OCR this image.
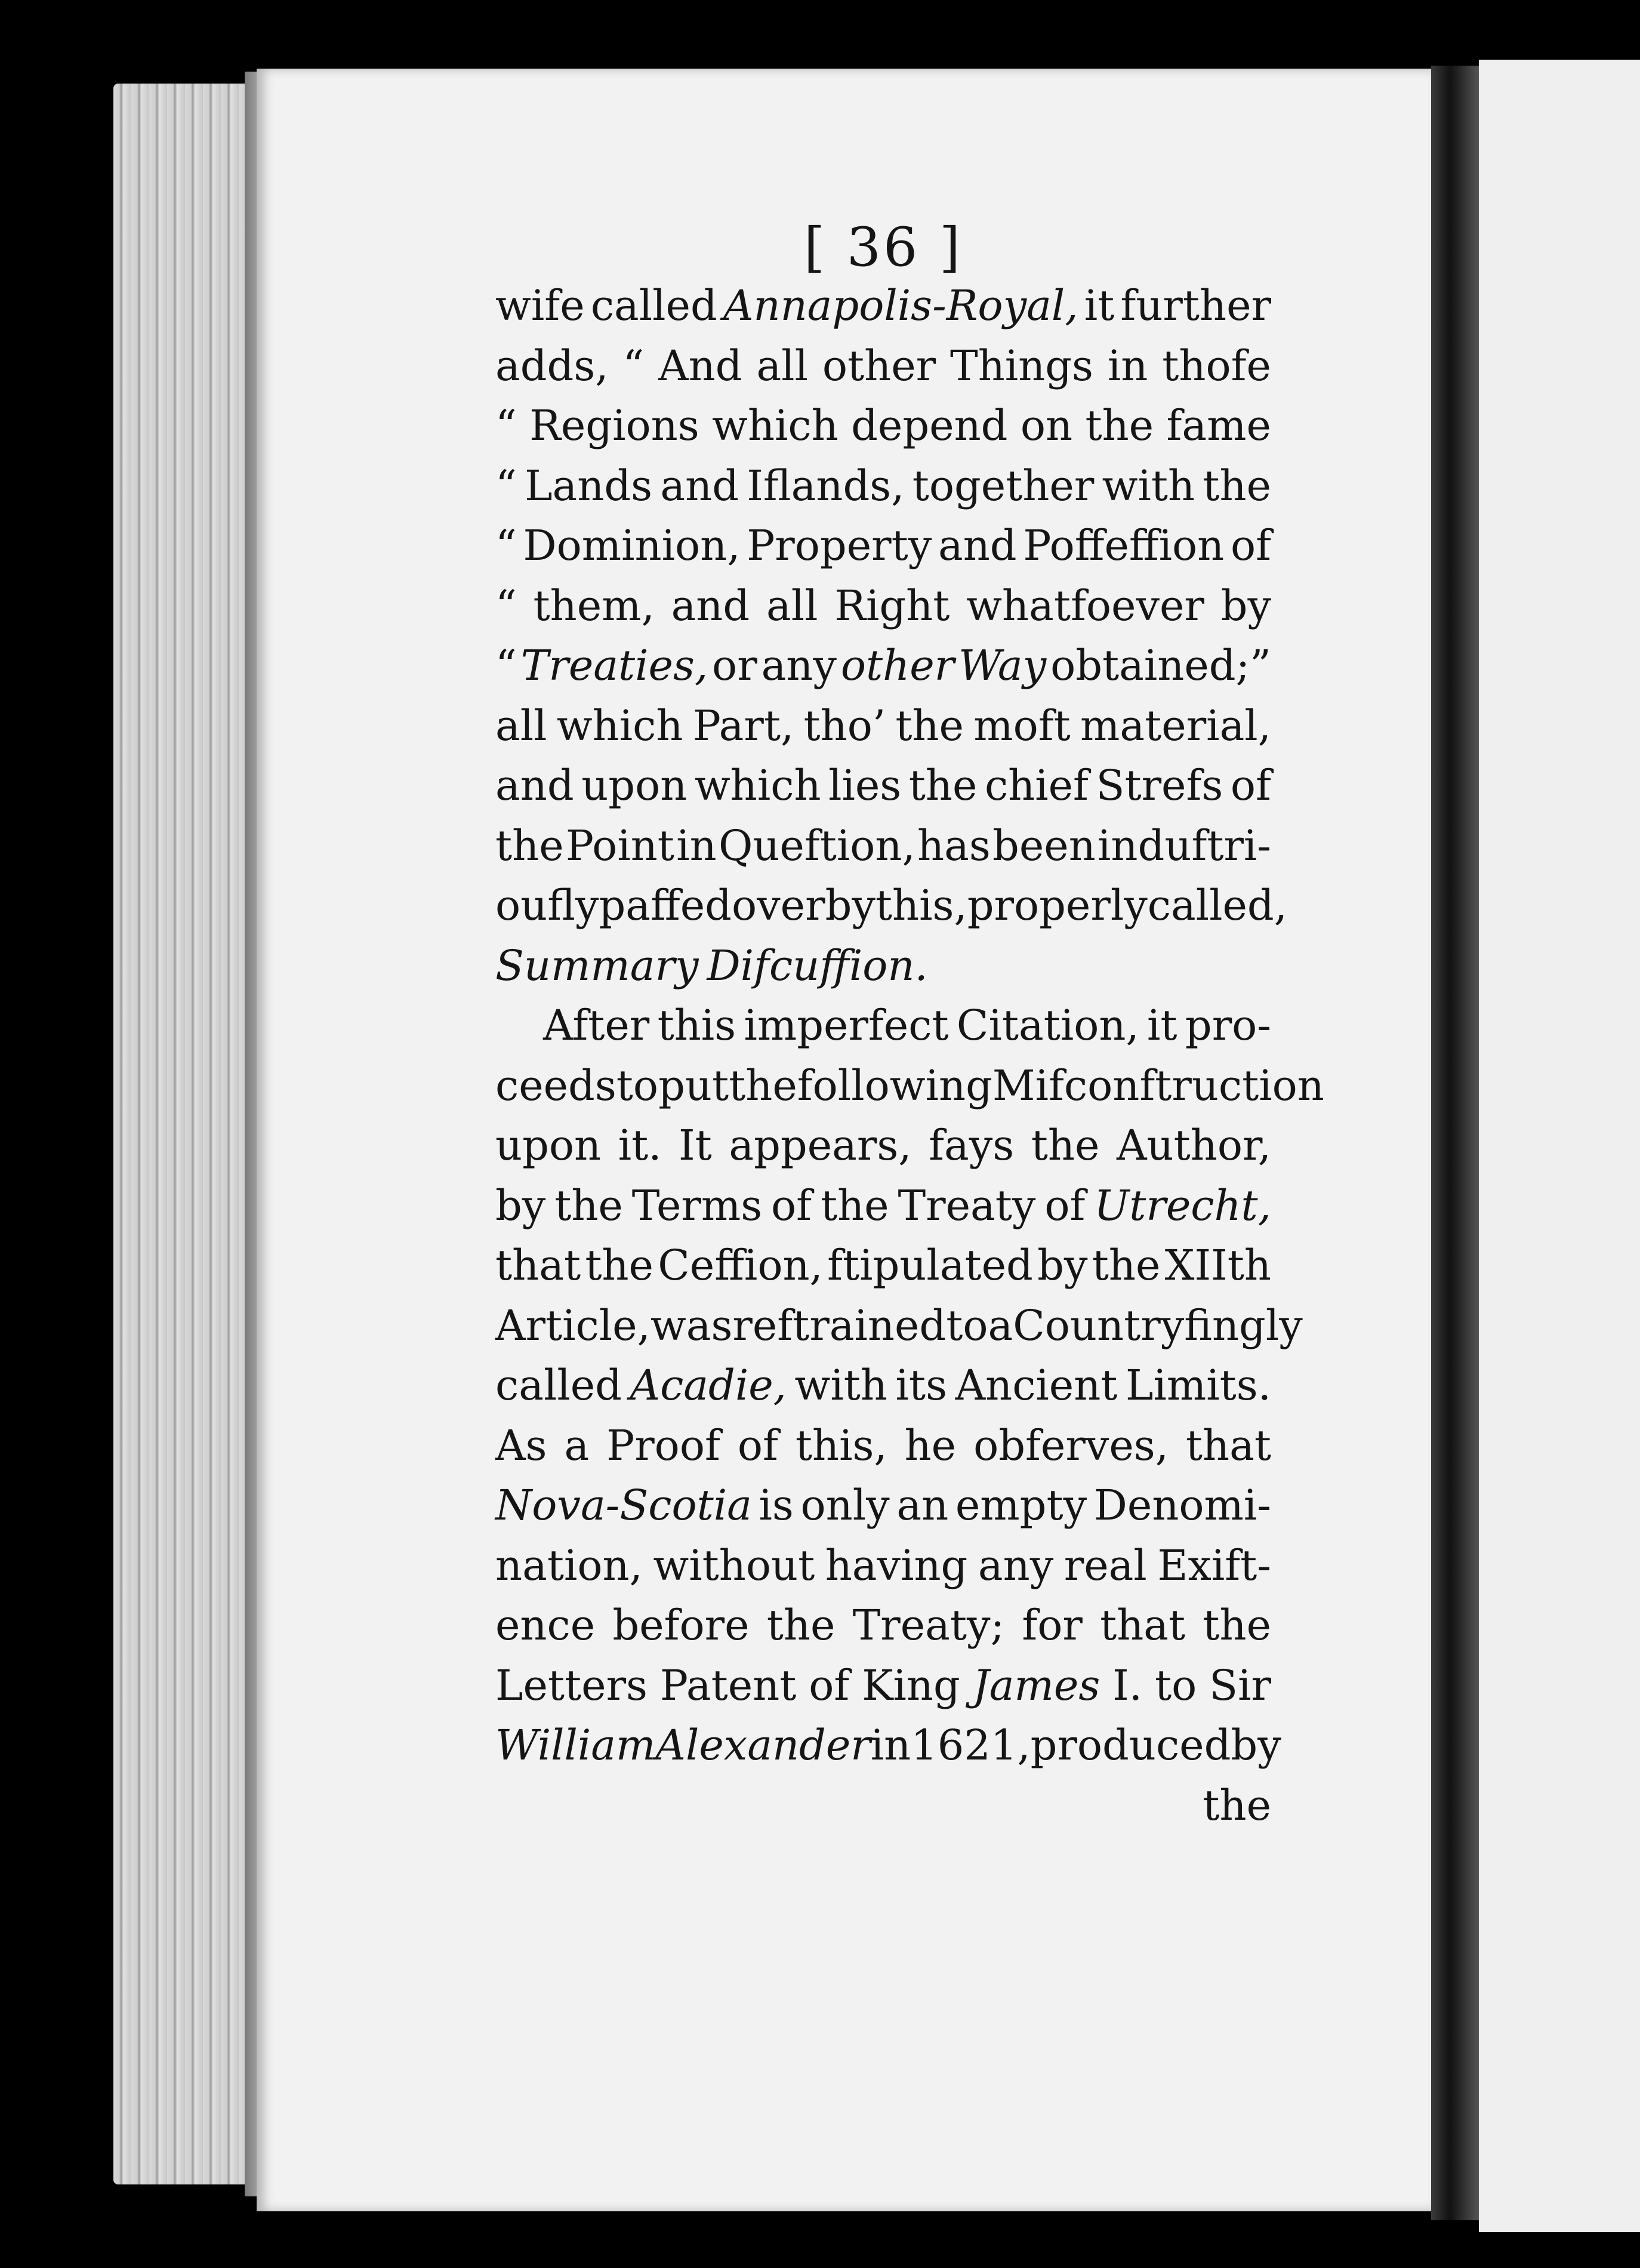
[ 36 ]
wife called Annapolis-Royal, it further
adds, “ And all other Things in thofe
“ Regions which depend on the fame
“ Lands and Iflands, together with the
“ Dominion, Property and Poffeffion of
“ them, and all Right whatfoever by
“ Treaties, or any other Way obtained;”
all which Part, tho’ the moft material,
and upon which lies the chief Strefs of
the Point in Queftion, has been induftri-
oufly paffed over by this, properly called,
Summary Difcuffion.
After this imperfect Citation, it pro-
ceeds to put the following Mifconftruction
upon it. It appears, fays the Author,
by the Terms of the Treaty of Utrecht,
that the Ceffion, ftipulated by the XIIth
Article, was reftrained to a Country fingly
called Acadie, with its Ancient Limits.
As a Proof of this, he obferves, that
Nova-Scotia is only an empty Denomi-
nation, without having any real Exift-
ence before the Treaty; for that the
Letters Patent of King James I. to Sir
William Alexander in 1621, produced by
the
